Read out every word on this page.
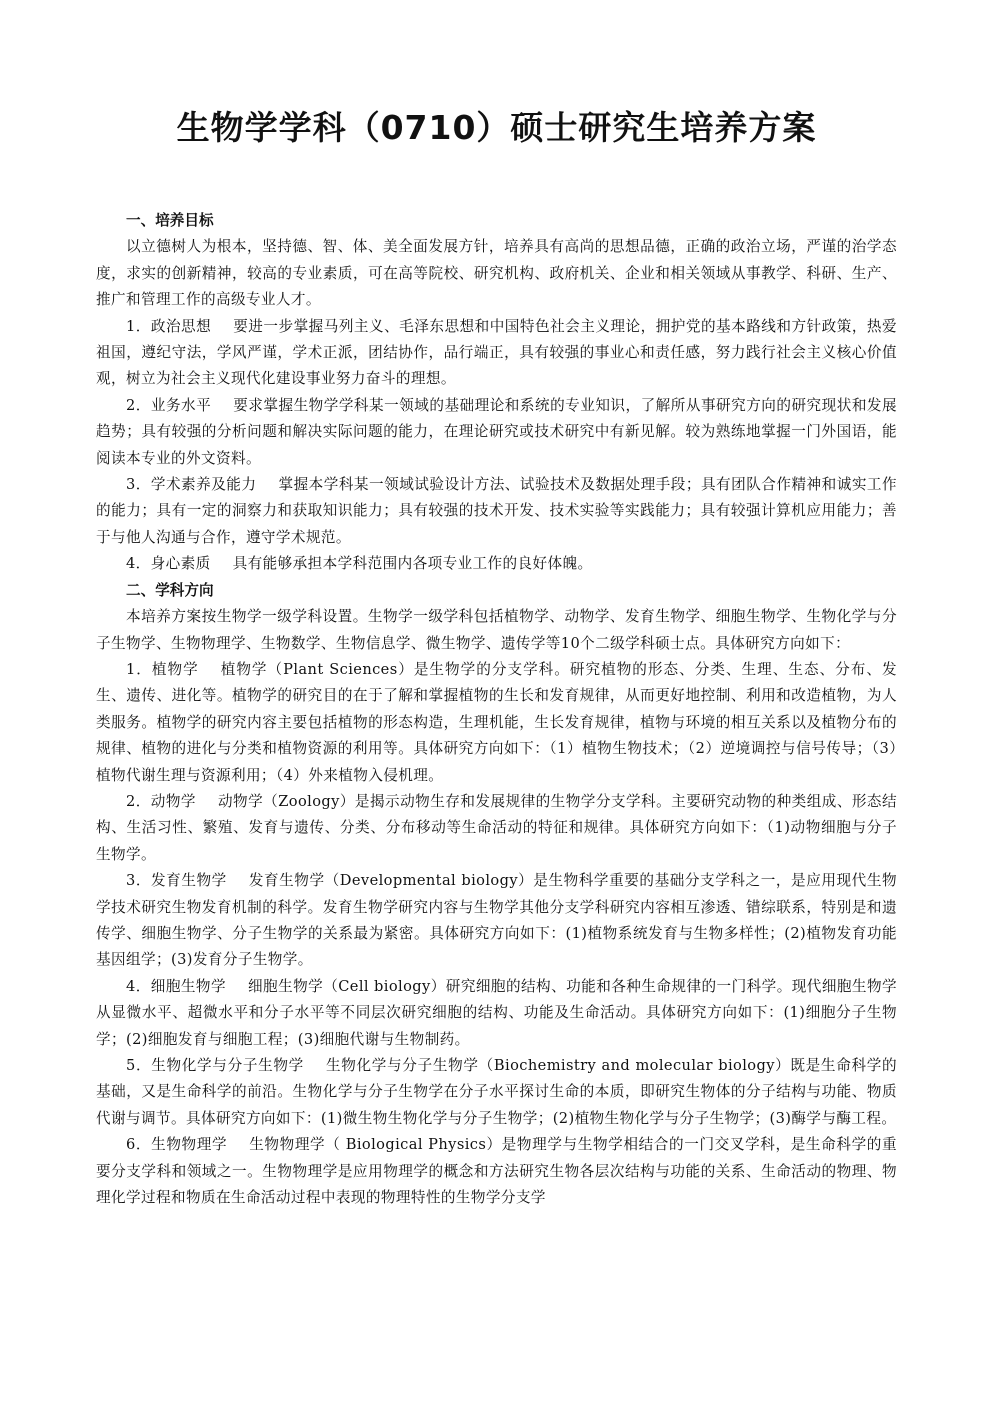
生物学学科（0710）硕士研究生培养方案

一、培养目标

以立德树人为根本，坚持德、智、体、美全面发展方针，培养具有高尚的思想品德，正确的政治立场，严谨的治学态度，求实的创新精神，较高的专业素质，可在高等院校、研究机构、政府机关、企业和相关领域从事教学、科研、生产、推广和管理工作的高级专业人才。

1．政治思想 要进一步掌握马列主义、毛泽东思想和中国特色社会主义理论，拥护党的基本路线和方针政策，热爱祖国，遵纪守法，学风严谨，学术正派，团结协作，品行端正，具有较强的事业心和责任感，努力践行社会主义核心价值观，树立为社会主义现代化建设事业努力奋斗的理想。

2．业务水平 要求掌握生物学学科某一领域的基础理论和系统的专业知识，了解所从事研究方向的研究现状和发展趋势；具有较强的分析问题和解决实际问题的能力，在理论研究或技术研究中有新见解。较为熟练地掌握一门外国语，能阅读本专业的外文资料。

3．学术素养及能力 掌握本学科某一领域试验设计方法、试验技术及数据处理手段；具有团队合作精神和诚实工作的能力；具有一定的洞察力和获取知识能力；具有较强的技术开发、技术实验等实践能力；具有较强计算机应用能力；善于与他人沟通与合作，遵守学术规范。

4．身心素质 具有能够承担本学科范围内各项专业工作的良好体魄。

二、学科方向

本培养方案按生物学一级学科设置。生物学一级学科包括植物学、动物学、发育生物学、细胞生物学、生物化学与分子生物学、生物物理学、生物数学、生物信息学、微生物学、遗传学等10个二级学科硕士点。具体研究方向如下：

1．植物学 植物学（Plant Sciences）是生物学的分支学科。研究植物的形态、分类、生理、生态、分布、发生、遗传、进化等。植物学的研究目的在于了解和掌握植物的生长和发育规律，从而更好地控制、利用和改造植物，为人类服务。植物学的研究内容主要包括植物的形态构造，生理机能，生长发育规律，植物与环境的相互关系以及植物分布的规律、植物的进化与分类和植物资源的利用等。具体研究方向如下：（1）植物生物技术；（2）逆境调控与信号传导；（3）植物代谢生理与资源利用；（4）外来植物入侵机理。

2．动物学 动物学（Zoology）是揭示动物生存和发展规律的生物学分支学科。主要研究动物的种类组成、形态结构、生活习性、繁殖、发育与遗传、分类、分布移动等生命活动的特征和规律。具体研究方向如下：（1)动物细胞与分子生物学。

3．发育生物学 发育生物学（Developmental biology）是生物科学重要的基础分支学科之一，是应用现代生物学技术研究生物发育机制的科学。发育生物学研究内容与生物学其他分支学科研究内容相互渗透、错综联系，特别是和遗传学、细胞生物学、分子生物学的关系最为紧密。具体研究方向如下：(1)植物系统发育与生物多样性；(2)植物发育功能基因组学；(3)发育分子生物学。

4．细胞生物学 细胞生物学（Cell biology）研究细胞的结构、功能和各种生命规律的一门科学。现代细胞生物学从显微水平、超微水平和分子水平等不同层次研究细胞的结构、功能及生命活动。具体研究方向如下：(1)细胞分子生物学；(2)细胞发育与细胞工程；(3)细胞代谢与生物制药。

5．生物化学与分子生物学 生物化学与分子生物学（Biochemistry and molecular biology）既是生命科学的基础，又是生命科学的前沿。生物化学与分子生物学在分子水平探讨生命的本质，即研究生物体的分子结构与功能、物质代谢与调节。具体研究方向如下：(1)微生物生物化学与分子生物学；(2)植物生物化学与分子生物学；(3)酶学与酶工程。

6．生物物理学 生物物理学（ Biological Physics）是物理学与生物学相结合的一门交叉学科，是生命科学的重要分支学科和领域之一。生物物理学是应用物理学的概念和方法研究生物各层次结构与功能的关系、生命活动的物理、物理化学过程和物质在生命活动过程中表现的物理特性的生物学分支学
